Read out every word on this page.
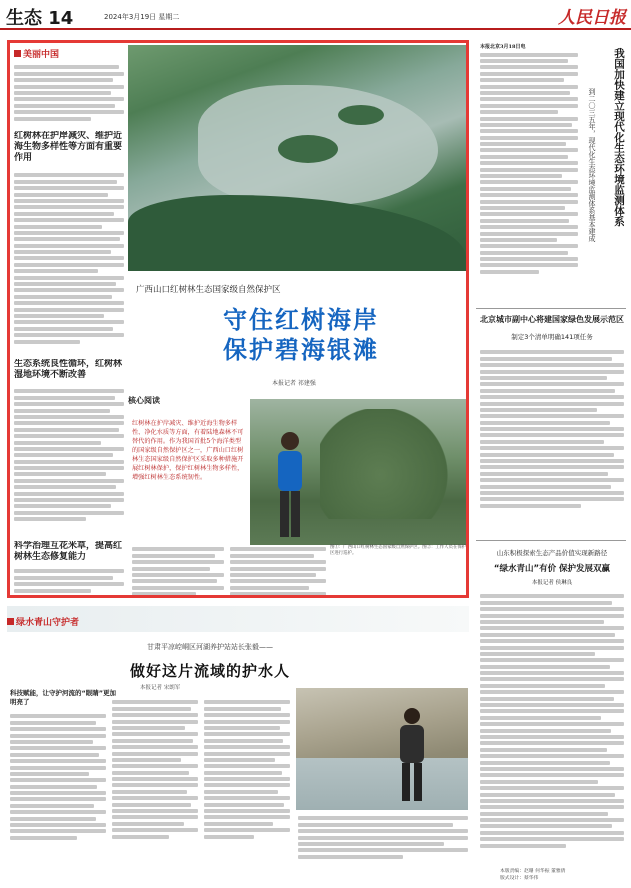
生态 14	2024年3月19日 星期二	人民日报
美丽中国
红树林在护岸减灾、维护近海生物多样性等方面有重要作用
生态系统良性循环，红树林湿地环境不断改善
科学治理互花米草，提高红树林生态修复能力
广西山口红树林生态国家级自然保护区
守住红树海岸
保护碧海银滩
本报记者 祁建强
核心阅读
红树林在护岸减灾、维护近海生物多样性、净化水质等方面，有着陆地森林不可替代的作用。作为我国首批5个海洋类型的国家级自然保护区之一，广西山口红树林生态国家级自然保护区采取多种措施开展红树林保护，保护红树林生物多样性，增强红树林生态系统韧性。
图①：广西山口红树林生态国家级自然保护区。图②：工作人员在保护区进行巡护。
我国加快建立现代化生态环境监测体系
到二〇三五年，现代化生态环境监测体系基本建成
本报北京3月18日电
北京城市副中心将建国家绿色发展示范区
制定3个清单明确141项任务
山东积极探索生态产品价值实现新路径
“绿水青山”有价 保护发展双赢
本报记者 侯琳良
绿水青山守护者
甘肃平凉崆峒区河湖养护站站长张毅——
做好这片流域的护水人
本报记者 宋朗军
科技赋能，让守护河流的“眼睛”更加明亮了
本版责编：赵珊 何华振 董雅倩
版式设计：蔡华伟
